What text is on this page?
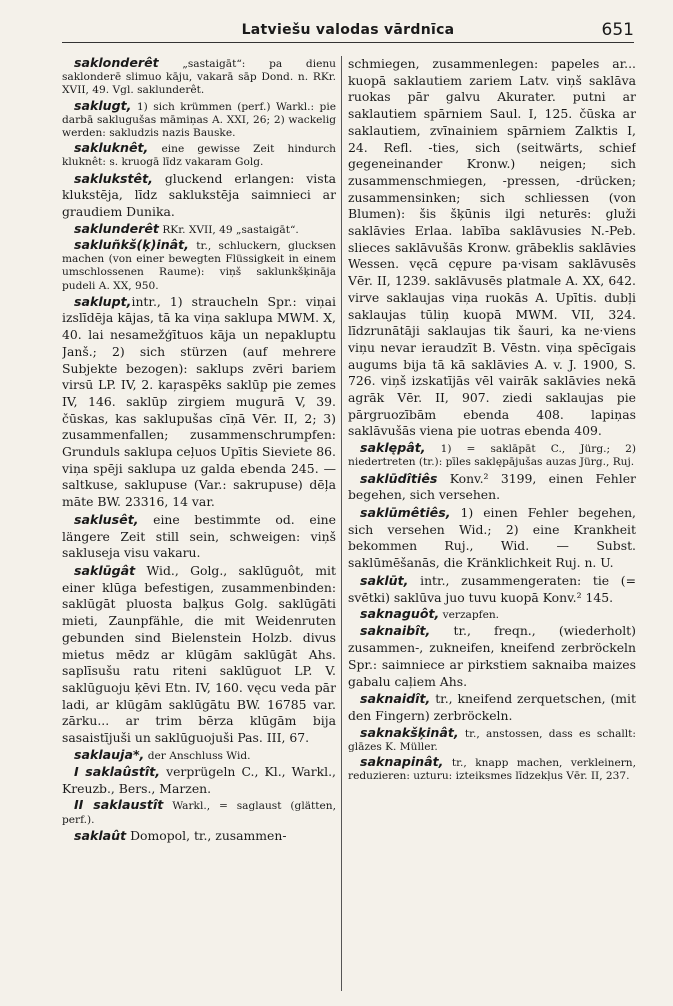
Latviešu valodas vārdnīca	651

saklonderêt „sastaigāt“: pa dienu saklonderē slimuo kāju, vakarā sāp Dond. n. RKr. XVII, 49. Vgl. saklunderêt.

saklugt, 1) sich krümmen (perf.) Warkl.: pie darbā saklugušas māmiņas A. XXI, 26; 2) wackelig werden: sakludzis nazis Bauske.

sakluknêt, eine gewisse Zeit hindurch kluknêt: s. kruogā līdz vakaram Golg.

saklukstêt, gluckend erlangen: vista klukstēja, līdz saklukstēja saimnieci ar graudiem Dunika.

saklunderêt RKr. XVII, 49 „sastaigāt“.

sakluñkš(ķ)inât, tr., schluckern, glucksen machen (von einer bewegten Flüssigkeit in einem umschlossenen Raume): viņš saklunkšķināja pudeli A. XX, 950.

saklupt,intr., 1) straucheln Spr.: viņai izslīdēja kājas, tā ka viņa saklupa MWM. X, 40. lai nesamežģītuos kāja un nepakluptu Janš.; 2) sich stürzen (auf mehrere Subjekte bezogen): saklups zvēri bariem virsū LP. IV, 2. kaŗaspēks saklūp pie zemes IV, 146. saklūp zirgiem mugurā V, 39. čūskas, kas saklupušas cīņā Vēr. II, 2; 3) zusammenfallen; zusammenschrumpfen: Grunduls saklupa ceļuos Upītis Sieviete 86. viņa spēji saklupa uz galda ebenda 245. — saltkuse, saklupuse (Var.: sakrupuse) dēļa māte BW. 23316, 14 var.

saklusêt, eine bestimmte od. eine längere Zeit still sein, schweigen: viņš sakluseja visu vakaru.

saklūgât Wid., Golg., saklūguôt, mit einer klūga befestigen, zusammenbinden: saklūgāt pluosta baļķus Golg. saklūgāti mieti, Zaunpfähle, die mit Weidenruten gebunden sind Bielenstein Holzb. divus mietus mēdz ar klūgām saklūgāt Ahs. saplīsušu ratu riteni saklūguot LP. V. saklūguoju ķēvi Etn. IV, 160. vęcu veda pār ladi, ar klūgām saklūgātu BW. 16785 var. zārku... ar trim bērza klūgām bija sasaistījuši un saklūguojuši Pas. III, 67.

saklauja*, der Anschluss Wid.

I saklaûstît, verprügeln C., Kl., Warkl., Kreuzb., Bers., Marzen.

II saklaustît Warkl., = saglaust (glätten, perf.).

saklaût Domopol, tr., zusammen-

schmiegen, zusammenlegen: papeles ar... kuopā saklautiem zariem Latv. viņš saklāva ruokas pār galvu Akurater. putni ar saklautiem spārniem Saul. I, 125. čūska ar saklautiem, zvīnainiem spārniem Zalktis I, 24. Refl. -ties, sich (seitwärts, schief gegeneinander Kronw.) neigen; sich zusammenschmiegen, -pressen, -drücken; zusammensinken; sich schliessen (von Blumen): šis šķūnis ilgi neturēs: gluži saklāvies Erlaa. labība saklāvusies N.-Peb. slieces saklāvušās Kronw. grābeklis saklāvies Wessen. vęcā cępure pa·visam saklāvusēs Vēr. II, 1239. saklāvusēs platmale A. XX, 642. virve saklaujas viņa ruokās A. Upītis. dubļi saklaujas tūliņ kuopā MWM. VII, 324. līdzrunātāji saklaujas tik šauri, ka ne·viens viņu nevar ieraudzīt B. Vēstn. viņa spēcīgais augums bija tā kā saklāvies A. v. J. 1900, S. 726. viņš izskatījās vēl vairāk saklāvies nekā agrāk Vēr. II, 907. ziedi saklaujas pie pārgruozībām ebenda 408. lapiņas saklāvušās viena pie uotras ebenda 409.

saklępât, 1) = saklāpāt C., Jürg.; 2) niedertreten (tr.): pīles saklępājušas auzas Jürg., Ruj.

saklūdîtiês Konv.² 3199, einen Fehler begehen, sich versehen.

saklūmêtiês, 1) einen Fehler begehen, sich versehen Wid.; 2) eine Krankheit bekommen Ruj., Wid. — Subst. saklūmēšanās, die Kränklichkeit Ruj. n. U.

saklūt, intr., zusammengeraten: tie (= svētki) saklūva juo tuvu kuopā Konv.² 145.

saknaguôt, verzapfen.

saknaibît, tr., freqn., (wiederholt) zusammen-, zukneifen, kneifend zerbröckeln Spr.: saimniece ar pirkstiem saknaiba maizes gabalu caļiem Ahs.

saknaidît, tr., kneifend zerquetschen, (mit den Fingern) zerbröckeln.

saknakšķinât, tr., anstossen, dass es schallt: glāzes K. Müller.

saknapinât, tr., knapp machen, verkleinern, reduzieren: uzturu: izteiksmes līdzekļus Vēr. II, 237.
